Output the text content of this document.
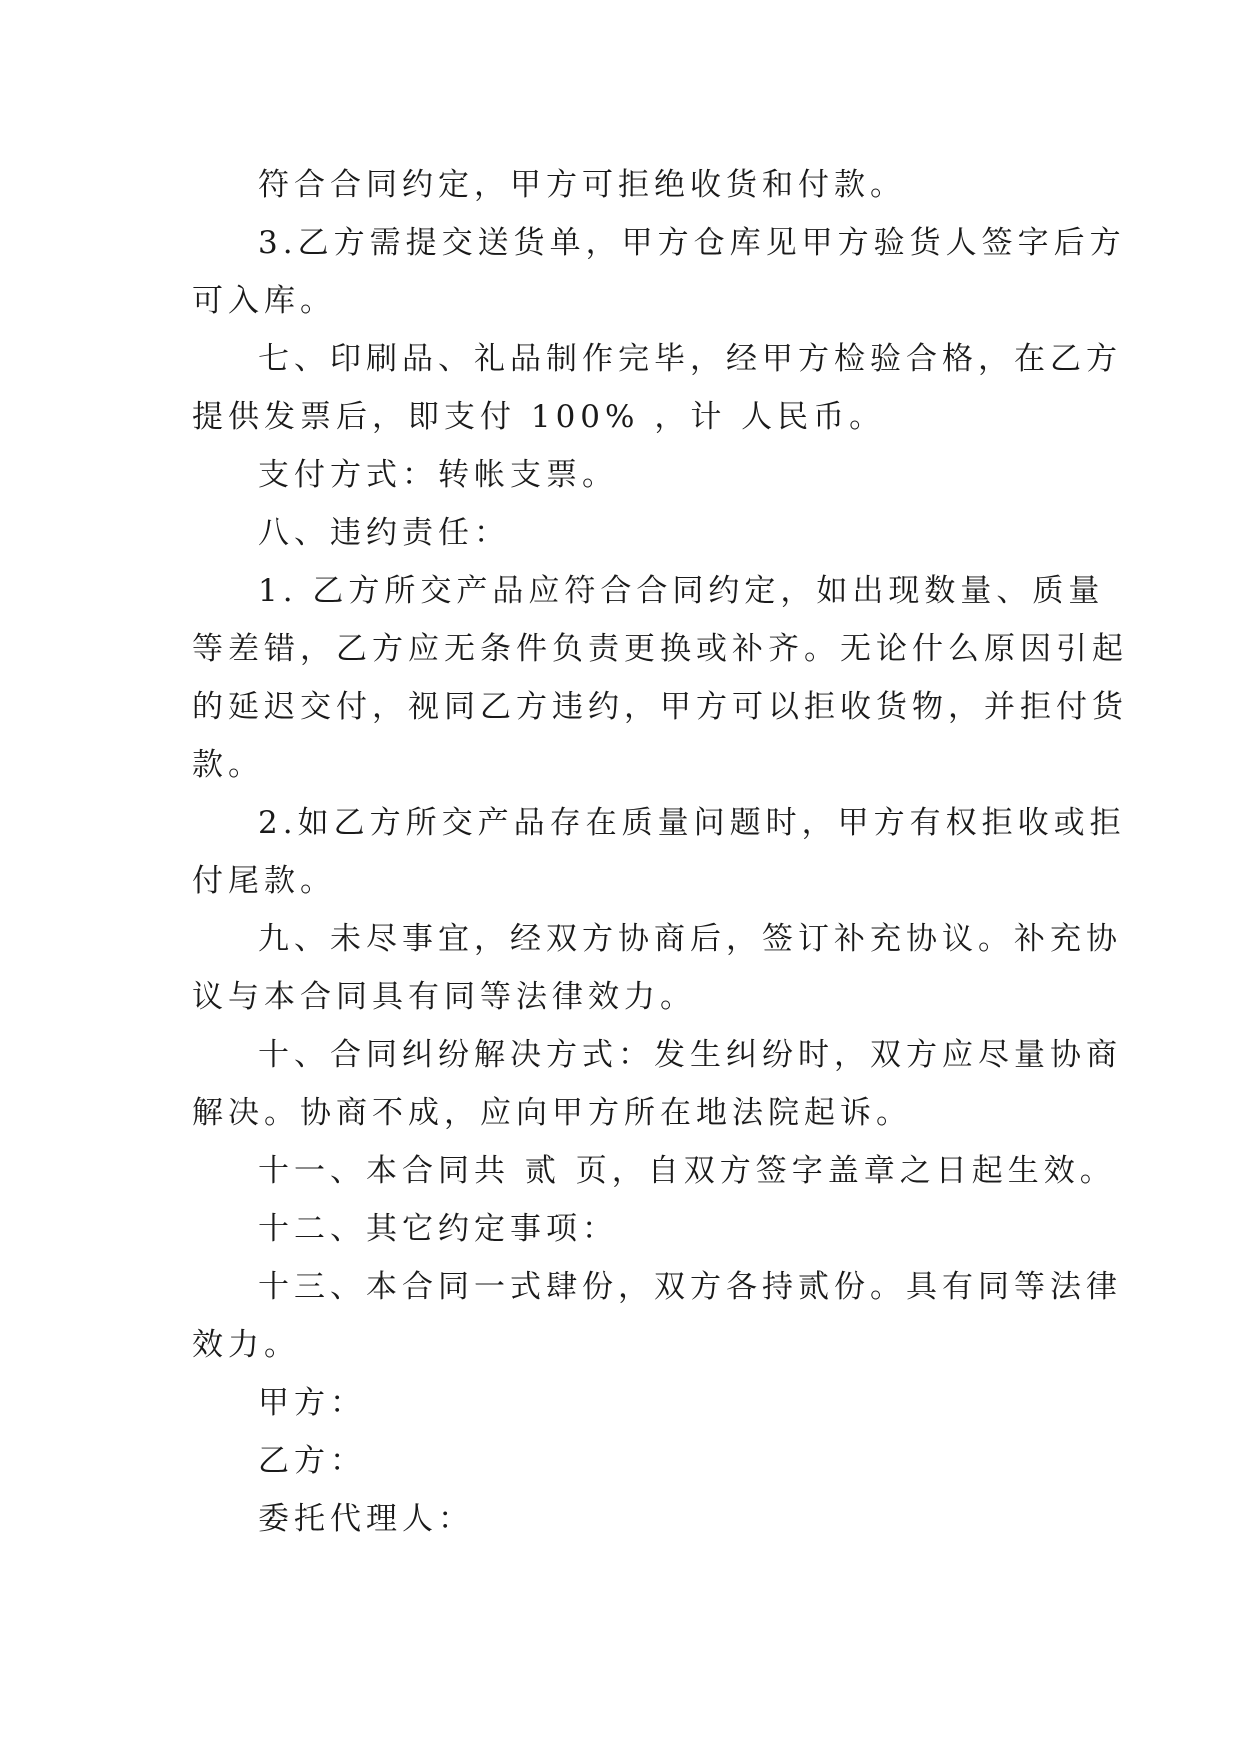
符合合同约定，甲方可拒绝收货和付款。
3.乙方需提交送货单，甲方仓库见甲方验货人签字后方
可入库。
七、印刷品、礼品制作完毕，经甲方检验合格，在乙方
提供发票后，即支付 100% ，计 人民币。
支付方式：转帐支票。
八、违约责任：
1. 乙方所交产品应符合合同约定，如出现数量、质量
等差错，乙方应无条件负责更换或补齐。无论什么原因引起
的延迟交付，视同乙方违约，甲方可以拒收货物，并拒付货
款。
2.如乙方所交产品存在质量问题时，甲方有权拒收或拒
付尾款。
九、未尽事宜，经双方协商后，签订补充协议。补充协
议与本合同具有同等法律效力。
十、合同纠纷解决方式：发生纠纷时，双方应尽量协商
解决。协商不成，应向甲方所在地法院起诉。
十一、本合同共 贰 页，自双方签字盖章之日起生效。
十二、其它约定事项：
十三、本合同一式肆份，双方各持贰份。具有同等法律
效力。
甲方：
乙方：
委托代理人：
